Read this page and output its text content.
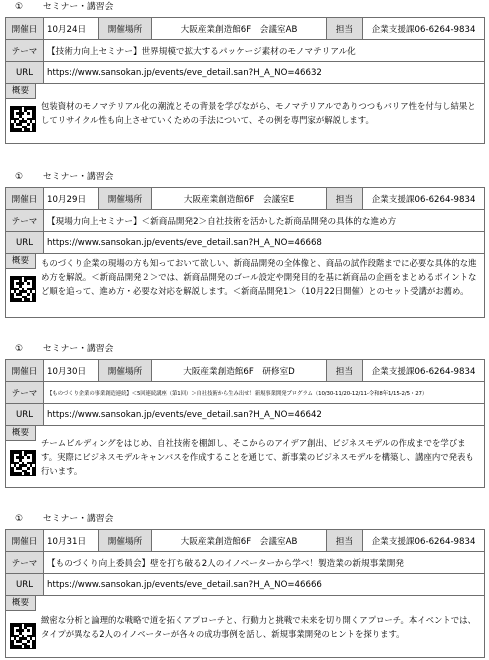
① セミナー・講習会
開催日	10月24日	開催場所	大阪産業創造館6F　会議室AB	担当	企業支援課06-6264-9834
テーマ	【技術力向上セミナー】世界規模で拡大するパッケージ素材のモノマテリアル化				
URL	https://www.sansokan.jp/events/eve_detail.san?H_A_NO=46632				

概要
包装資材のモノマテリアル化の潮流とその背景を学びながら、モノマテリアルでありつつもバリア性を付与し結果としてリサイクル性も向上させていくための手法について、その例を専門家が解説します。					
① セミナー・講習会
開催日	10月29日	開催場所	大阪産業創造館6F　会議室E	担当	企業支援課06-6264-9834
テーマ	【現場力向上セミナー】＜新商品開発2＞自社技術を活かした新商品開発の具体的な進め方				
URL	https://www.sansokan.jp/events/eve_detail.san?H_A_NO=46668				

概要 ものづくり企業の現場の方も知っておいて欲しい、新商品開発の全体像と、商品の試作段階までに必要な具体的な進め方を解説。＜新商品開発２＞では、新商品開発のゴール設定や開発目的を基に新商品の企画をまとめるポイントなど順を追って、進め方・必要な対応を解説します。＜新商品開発1＞（10月22日開催）とのセット受講がお薦め。					
① セミナー・講習会
開催日	10月30日	開催場所	大阪産業創造館6F　研修室D	担当	企業支援課06-6264-9834
テーマ	【ものづくり企業の事業創造連続】＜5回連続講座（第1回）＞自社技術から生み出せ！新規事業開発プログラム（10/30-11/20-12/11-令和8年1/15-2/5・27）				
URL	https://www.sansokan.jp/events/eve_detail.san?H_A_NO=46642				

概要
チームビルディングをはじめ、自社技術を棚卸し、そこからのアイデア創出、ビジネスモデルの作成までを学びます。実際にビジネスモデルキャンバスを作成することを通じて、新事業のビジネスモデルを構築し、講座内で発表も行います。					
① セミナー・講習会
開催日	10月31日	開催場所	大阪産業創造館6F　会議室AB	担当	企業支援課06-6264-9834
テーマ	【ものづくり向上委員会】壁を打ち破る2人のイノベーターから学べ！製造業の新規事業開発				
URL	https://www.sansokan.jp/events/eve_detail.san?H_A_NO=46666				

概要
緻密な分析と論理的な戦略で道を拓くアプローチと、行動力と挑戦で未来を切り開くアプローチ。本イベントでは、タイプが異なる2人のイノベーターが各々の成功事例を話し、新規事業開発のヒントを探ります。					
